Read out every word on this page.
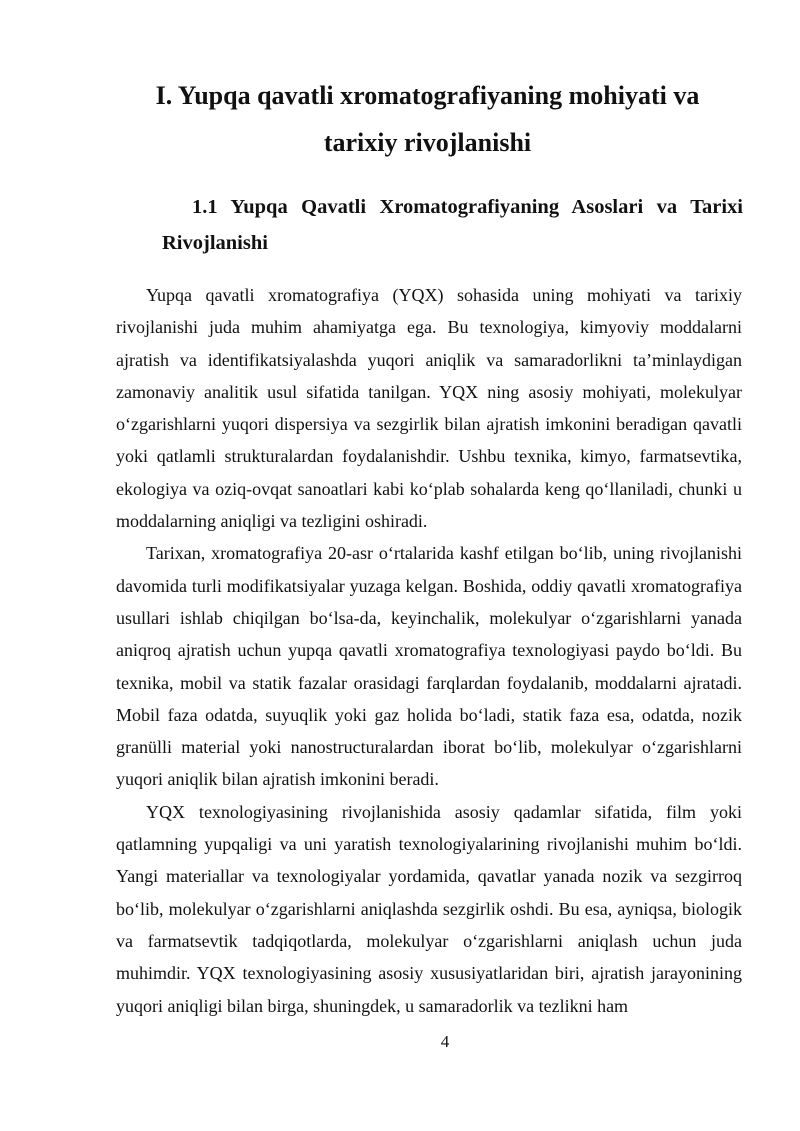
I. Yupqa qavatli xromatografiyaning mohiyati va
tarixiy rivojlanishi
1.1 Yupqa Qavatli Xromatografiyaning Asoslari va Tarixi
Rivojlanishi

Yupqa qavatli xromatografiya (YQX) sohasida uning mohiyati va tarixiy rivojlanishi juda muhim ahamiyatga ega. Bu texnologiya, kimyoviy moddalarni ajratish va identifikatsiyalashda yuqori aniqlik va samaradorlikni ta’minlaydigan zamonaviy analitik usul sifatida tanilgan. YQX ning asosiy mohiyati, molekulyar o‘zgarishlarni yuqori dispersiya va sezgirlik bilan ajratish imkonini beradigan qavatli yoki qatlamli strukturalardan foydalanishdir. Ushbu texnika, kimyo, farmatsevtika, ekologiya va oziq-ovqat sanoatlari kabi ko‘plab sohalarda keng qo‘llaniladi, chunki u moddalarning aniqligi va tezligini oshiradi.

Tarixan, xromatografiya 20-asr o‘rtalarida kashf etilgan bo‘lib, uning rivojlanishi davomida turli modifikatsiyalar yuzaga kelgan. Boshida, oddiy qavatli xromatografiya usullari ishlab chiqilgan bo‘lsa-da, keyinchalik, molekulyar o‘zgarishlarni yanada aniqroq ajratish uchun yupqa qavatli xromatografiya texnologiyasi paydo bo‘ldi. Bu texnika, mobil va statik fazalar orasidagi farqlardan foydalanib, moddalarni ajratadi. Mobil faza odatda, suyuqlik yoki gaz holida bo‘ladi, statik faza esa, odatda, nozik granülli material yoki nanostructuralardan iborat bo‘lib, molekulyar o‘zgarishlarni yuqori aniqlik bilan ajratish imkonini beradi.

YQX texnologiyasining rivojlanishida asosiy qadamlar sifatida, film yoki qatlamning yupqaligi va uni yaratish texnologiyalarining rivojlanishi muhim bo‘ldi. Yangi materiallar va texnologiyalar yordamida, qavatlar yanada nozik va sezgirroq bo‘lib, molekulyar o‘zgarishlarni aniqlashda sezgirlik oshdi. Bu esa, ayniqsa, biologik va farmatsevtik tadqiqotlarda, molekulyar o‘zgarishlarni aniqlash uchun juda muhimdir. YQX texnologiyasining asosiy xususiyatlaridan biri, ajratish jarayonining yuqori aniqligi bilan birga, shuningdek, u samaradorlik va tezlikni ham

4
